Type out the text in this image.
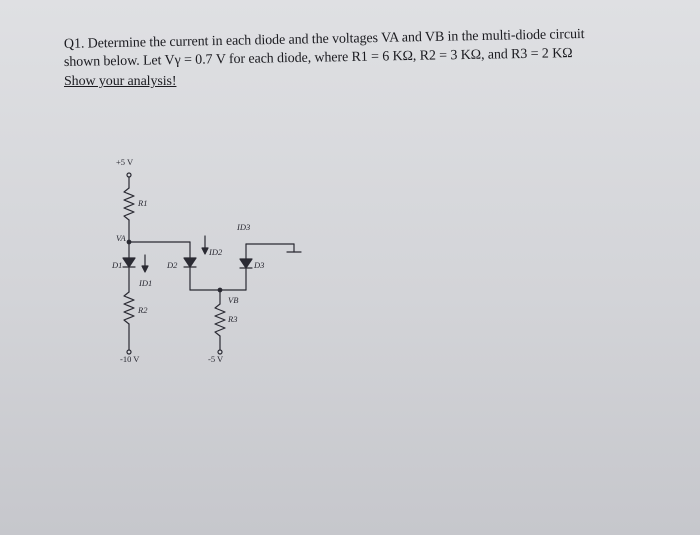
Q1. Determine the current in each diode and the voltages VA and VB in the multi-diode circuit
shown below. Let Vγ = 0.7 V for each diode, where R1 = 6 KΩ, R2 = 3 KΩ, and R3 = 2 KΩ
Show your analysis!
+5 V
R1
VA
D1
ID1
R2
-10 V
D2
ID2
ID3
D3
VB
R3
-5 V
